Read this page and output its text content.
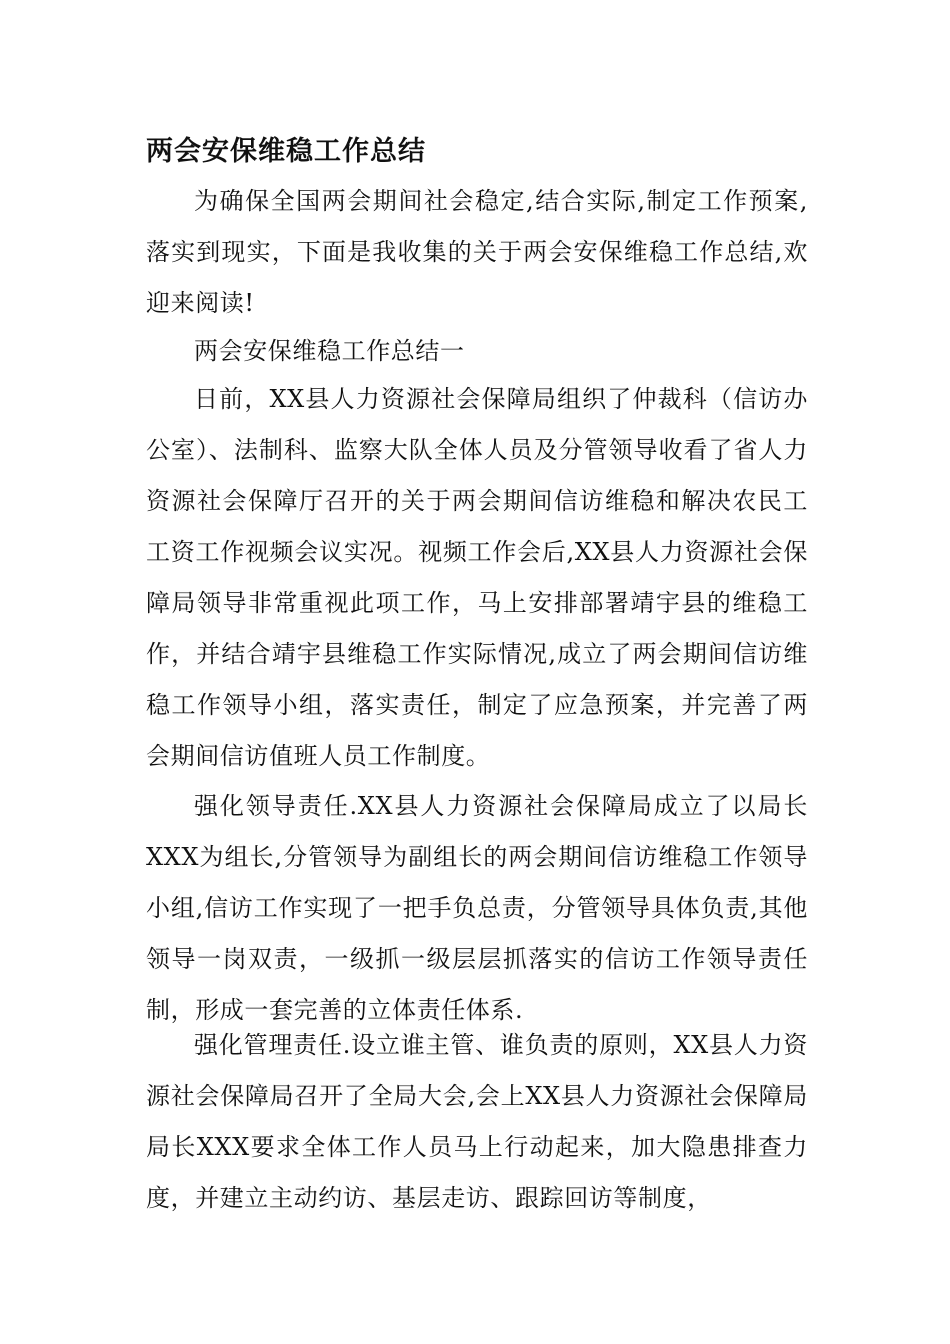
两会安保维稳工作总结

为确保全国两会期间社会稳定,结合实际,制定工作预案,落实到现实，下面是我收集的关于两会安保维稳工作总结,欢迎来阅读!

两会安保维稳工作总结一

日前，XX县人力资源社会保障局组织了仲裁科（信访办公室）、法制科、监察大队全体人员及分管领导收看了省人力资源社会保障厅召开的关于两会期间信访维稳和解决农民工工资工作视频会议实况。视频工作会后,XX县人力资源社会保障局领导非常重视此项工作，马上安排部署靖宇县的维稳工作，并结合靖宇县维稳工作实际情况,成立了两会期间信访维稳工作领导小组，落实责任，制定了应急预案，并完善了两会期间信访值班人员工作制度。

强化领导责任.XX县人力资源社会保障局成立了以局长XXX为组长,分管领导为副组长的两会期间信访维稳工作领导小组,信访工作实现了一把手负总责，分管领导具体负责,其他领导一岗双责，一级抓一级层层抓落实的信访工作领导责任制，形成一套完善的立体责任体系.

强化管理责任.设立谁主管、谁负责的原则，XX县人力资源社会保障局召开了全局大会,会上XX县人力资源社会保障局局长XXX要求全体工作人员马上行动起来，加大隐患排查力度，并建立主动约访、基层走访、跟踪回访等制度，
